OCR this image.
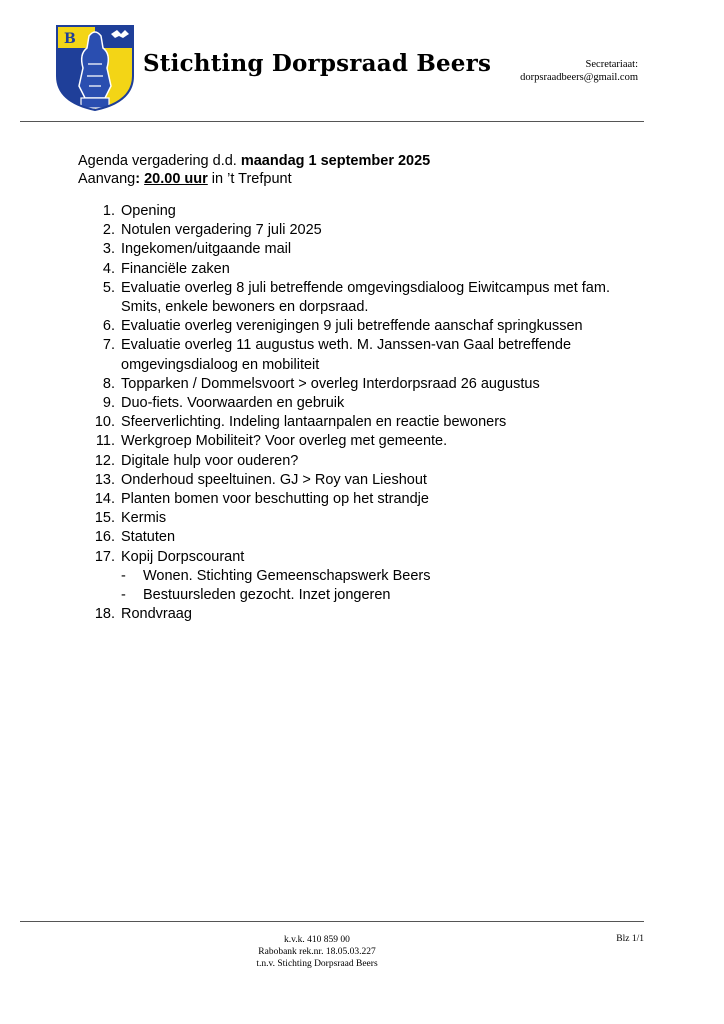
B
Stichting Dorpsraad Beers	Secretariaat:
dorpsraadbeers@gmail.com
Agenda vergadering d.d. maandag 1 september 2025
Aanvang: 20.00 uur in ’t Trefpunt
1. Opening
2. Notulen vergadering 7 juli 2025
3. Ingekomen/uitgaande mail
4. Financiële zaken
5. Evaluatie overleg 8 juli betreffende omgevingsdialoog Eiwitcampus met fam. Smits, enkele bewoners en dorpsraad.
6. Evaluatie overleg verenigingen 9 juli betreffende aanschaf springkussen
7. Evaluatie overleg 11 augustus weth. M. Janssen-van Gaal betreffende omgevingsdialoog en mobiliteit
8. Topparken / Dommelsvoort > overleg Interdorpsraad 26 augustus
9. Duo-fiets. Voorwaarden en gebruik
10. Sfeerverlichting. Indeling lantaarnpalen en reactie bewoners
11. Werkgroep Mobiliteit? Voor overleg met gemeente.
12. Digitale hulp voor ouderen?
13. Onderhoud speeltuinen. GJ > Roy van Lieshout
14. Planten bomen voor beschutting op het strandje
15. Kermis
16. Statuten
17. Kopij Dorpscourant
- Wonen. Stichting Gemeenschapswerk Beers
- Bestuursleden gezocht. Inzet jongeren
18. Rondvraag
k.v.k. 410 859 00
Rabobank rek.nr. 18.05.03.227
t.n.v. Stichting Dorpsraad Beers
Blz 1/1
